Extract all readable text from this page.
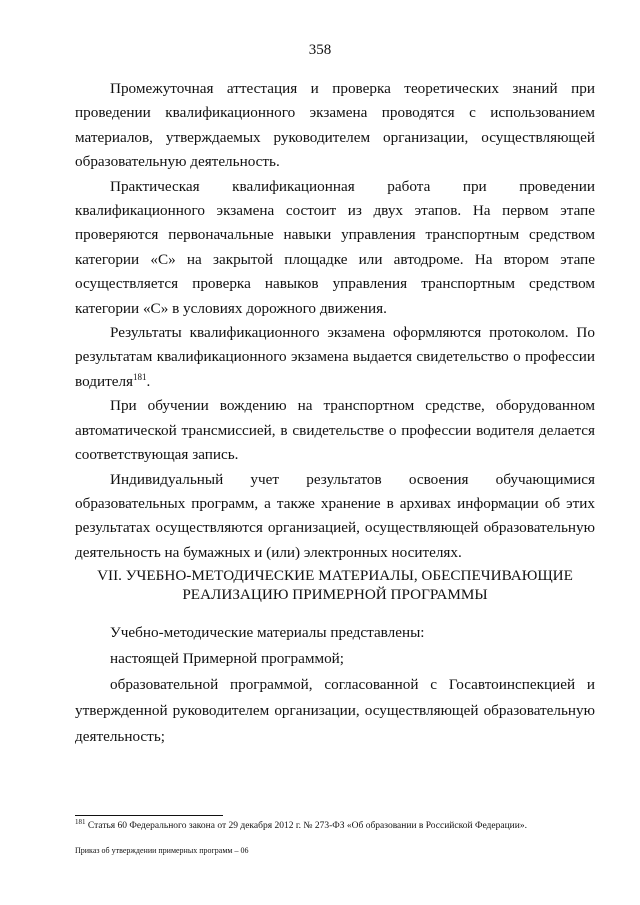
358

Промежуточная аттестация и проверка теоретических знаний при проведении квалификационного экзамена проводятся с использованием материалов, утверждаемых руководителем организации, осуществляющей образовательную деятельность.

Практическая квалификационная работа при проведении квалификационного экзамена состоит из двух этапов. На первом этапе проверяются первоначальные навыки управления транспортным средством категории «С» на закрытой площадке или автодроме. На втором этапе осуществляется проверка навыков управления транспортным средством категории «С» в условиях дорожного движения.

Результаты квалификационного экзамена оформляются протоколом. По результатам квалификационного экзамена выдается свидетельство о профессии водителя$^{181}$.

При обучении вождению на транспортном средстве, оборудованном автоматической трансмиссией, в свидетельстве о профессии водителя делается соответствующая запись.

Индивидуальный учет результатов освоения обучающимися образовательных программ, а также хранение в архивах информации об этих результатах осуществляются организацией, осуществляющей образовательную деятельность на бумажных и (или) электронных носителях.

VII. УЧЕБНО-МЕТОДИЧЕСКИЕ МАТЕРИАЛЫ, ОБЕСПЕЧИВАЮЩИЕ
РЕАЛИЗАЦИЮ ПРИМЕРНОЙ ПРОГРАММЫ

Учебно-методические материалы представлены:

настоящей Примерной программой;

образовательной программой, согласованной с Госавтоинспекцией и утвержденной руководителем организации, осуществляющей образовательную деятельность;

$^{181}$ Статья 60 Федерального закона от 29 декабря 2012 г. № 273-ФЗ «Об образовании в Российской Федерации».
Приказ об утверждении примерных программ – 06
